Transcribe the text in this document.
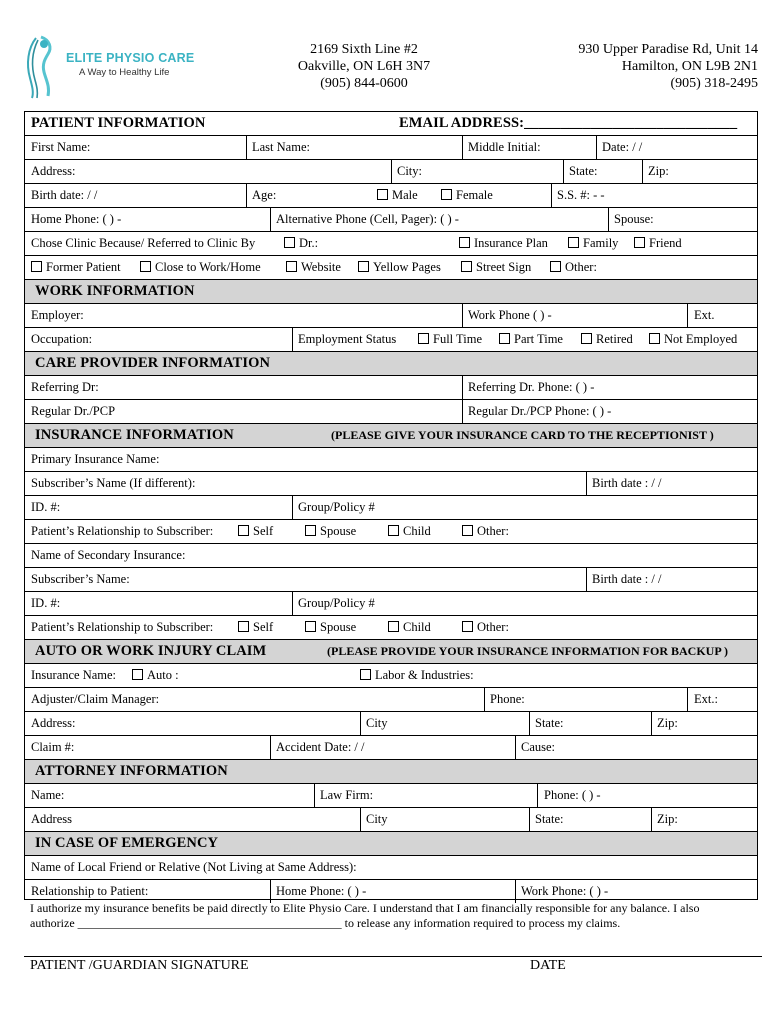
ELITE PHYSIO CARE
A Way to Healthy Life
2169 Sixth Line #2
Oakville, ON L6H 3N7
(905) 844-0600
930 Upper Paradise Rd, Unit 14
Hamilton, ON L9B 2N1
(905) 318-2495
PATIENT INFORMATION	EMAIL ADDRESS:_____________________________
First Name:	Last Name:	Middle Initial:	Date: / /
Address:	City:	State:	Zip:
Birth date: / /	Age:	Male	Female	S.S. #: - -
Home Phone: ( ) -	Alternative Phone (Cell, Pager): ( ) -	Spouse:
Chose Clinic Because/ Referred to Clinic By	Dr.:	Insurance Plan	Family	Friend
Former Patient	Close to Work/Home	Website	Yellow Pages	Street Sign	Other:
WORK INFORMATION
Employer:	Work Phone ( ) -	Ext.
Occupation:	Employment Status	Full Time	Part Time	Retired	Not Employed
CARE PROVIDER INFORMATION
Referring Dr:	Referring Dr. Phone: ( ) -
Regular Dr./PCP	Regular Dr./PCP Phone: ( ) -
INSURANCE INFORMATION	(PLEASE GIVE YOUR INSURANCE CARD TO THE RECEPTIONIST )
Primary Insurance Name:
Subscriber’s Name (If different):	Birth date : / /
ID. #:	Group/Policy #
Patient’s Relationship to Subscriber:	Self	Spouse	Child	Other:
Name of Secondary Insurance:
Subscriber’s Name:	Birth date : / /
ID. #:	Group/Policy #
Patient’s Relationship to Subscriber:	Self	Spouse	Child	Other:
AUTO OR WORK INJURY CLAIM	(PLEASE PROVIDE YOUR INSURANCE INFORMATION FOR BACKUP )
Insurance Name:	Auto :	Labor & Industries:
Adjuster/Claim Manager:	Phone:	Ext.:
Address:	City	State:	Zip:
Claim #:	Accident Date: / /	Cause:
ATTORNEY INFORMATION
Name:	Law Firm:	Phone: ( ) -
Address	City	State:	Zip:
IN CASE OF EMERGENCY
Name of Local Friend or Relative (Not Living at Same Address):
Relationship to Patient:	Home Phone: ( ) -	Work Phone: ( ) -
I authorize my insurance benefits be paid directly to Elite Physio Care. I understand that I am financially responsible for any balance. I also
authorize ____________________________________________ to release any information required to process my claims.
PATIENT /GUARDIAN SIGNATURE	DATE
